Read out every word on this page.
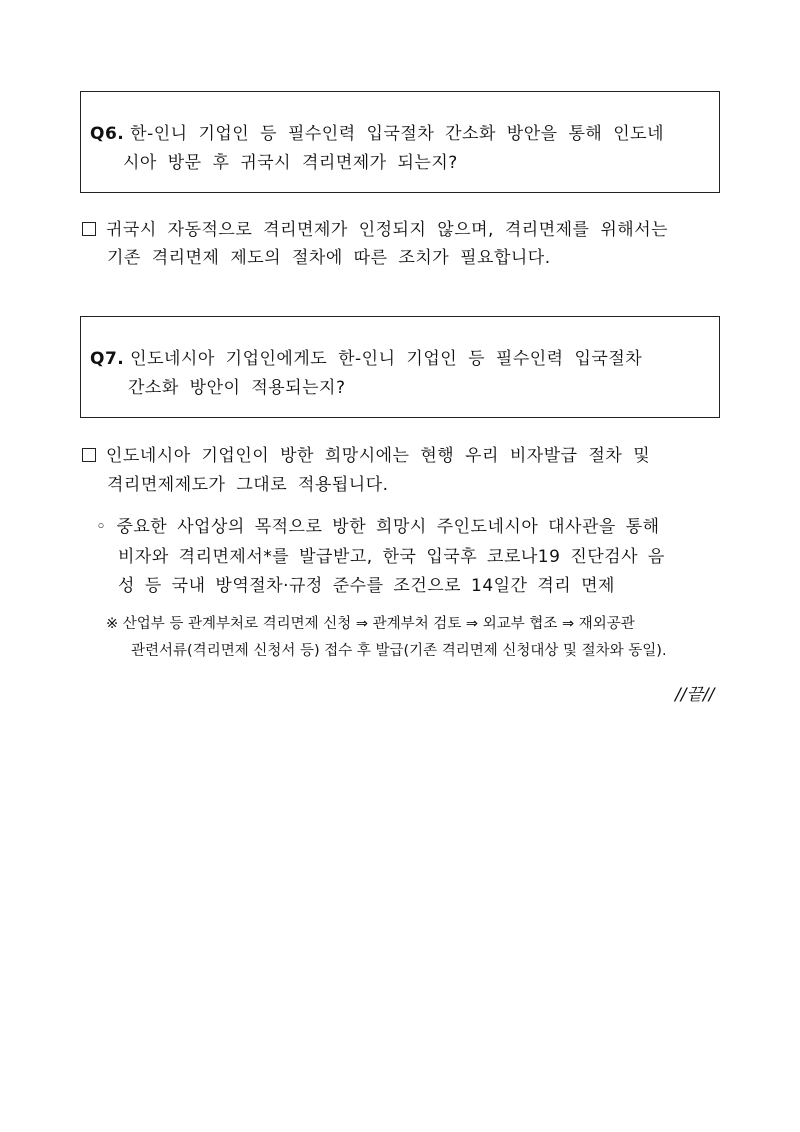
Q6. 한-인니 기업인 등 필수인력 입국절차 간소화 방안을 통해 인도네
시아 방문 후 귀국시 격리면제가 되는지?
귀국시 자동적으로 격리면제가 인정되지 않으며, 격리면제를 위해서는
기존 격리면제 제도의 절차에 따른 조치가 필요합니다.
Q7. 인도네시아 기업인에게도 한-인니 기업인 등 필수인력 입국절차
간소화 방안이 적용되는지?
인도네시아 기업인이 방한 희망시에는 현행 우리 비자발급 절차 및
격리면제제도가 그대로 적용됩니다.
◦ 중요한 사업상의 목적으로 방한 희망시 주인도네시아 대사관을 통해
비자와 격리면제서*를 발급받고, 한국 입국후 코로나19 진단검사 음
성 등 국내 방역절차·규정 준수를 조건으로 14일간 격리 면제
※ 산업부 등 관계부처로 격리면제 신청 ⇒ 관계부처 검토 ⇒ 외교부 협조 ⇒ 재외공관
관련서류(격리면제 신청서 등) 접수 후 발급(기존 격리면제 신청대상 및 절차와 동일).
//끝//
